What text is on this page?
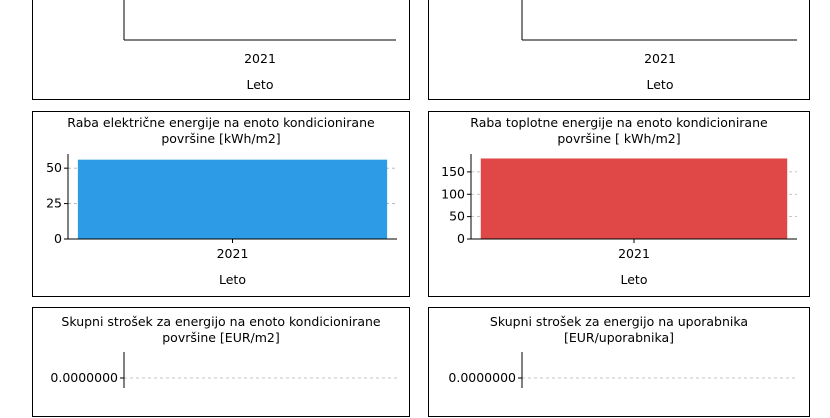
2021
Leto
2021
Leto
0
25
50
2021
Leto
Raba električne energije na enoto kondicionirane
površine [kWh/m2]
0
50
100
150
2021
Leto
Raba toplotne energije na enoto kondicionirane
površine [ kWh/m2]
0.0000000
Skupni strošek za energijo na enoto kondicionirane
površine [EUR/m2]
0.0000000
Skupni strošek za energijo na uporabnika
[EUR/uporabnika]
